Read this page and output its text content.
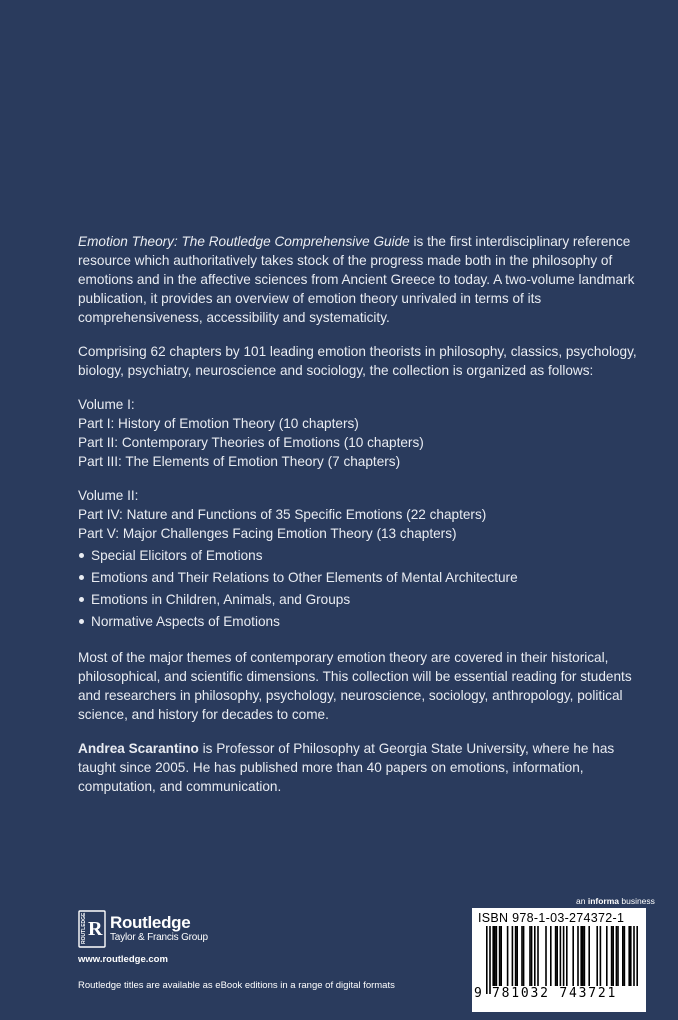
Emotion Theory: The Routledge Comprehensive Guide is the first interdisciplinary reference resource which authoritatively takes stock of the progress made both in the philosophy of emotions and in the affective sciences from Ancient Greece to today. A two-volume landmark publication, it provides an overview of emotion theory unrivaled in terms of its comprehensiveness, accessibility and systematicity.

Comprising 62 chapters by 101 leading emotion theorists in philosophy, classics, psychology, biology, psychiatry, neuroscience and sociology, the collection is organized as follows:

Volume I:
Part I: History of Emotion Theory (10 chapters)
Part II: Contemporary Theories of Emotions (10 chapters)
Part III: The Elements of Emotion Theory (7 chapters)
Volume II:
Part IV: Nature and Functions of 35 Specific Emotions (22 chapters)
Part V: Major Challenges Facing Emotion Theory (13 chapters)
Special Elicitors of Emotions
Emotions and Their Relations to Other Elements of Mental Architecture
Emotions in Children, Animals, and Groups
Normative Aspects of Emotions

Most of the major themes of contemporary emotion theory are covered in their historical, philosophical, and scientific dimensions. This collection will be essential reading for students and researchers in philosophy, psychology, neuroscience, sociology, anthropology, political science, and history for decades to come.

Andrea Scarantino is Professor of Philosophy at Georgia State University, where he has taught since 2005. He has published more than 40 papers on emotions, information, computation, and communication.

ROUTLEDGE R Routledge
Taylor & Francis Group
www.routledge.com
Routledge titles are available as eBook editions in a range of digital formats
an informa business
ISBN 978-1-03-274372-1
9 781032 743721
